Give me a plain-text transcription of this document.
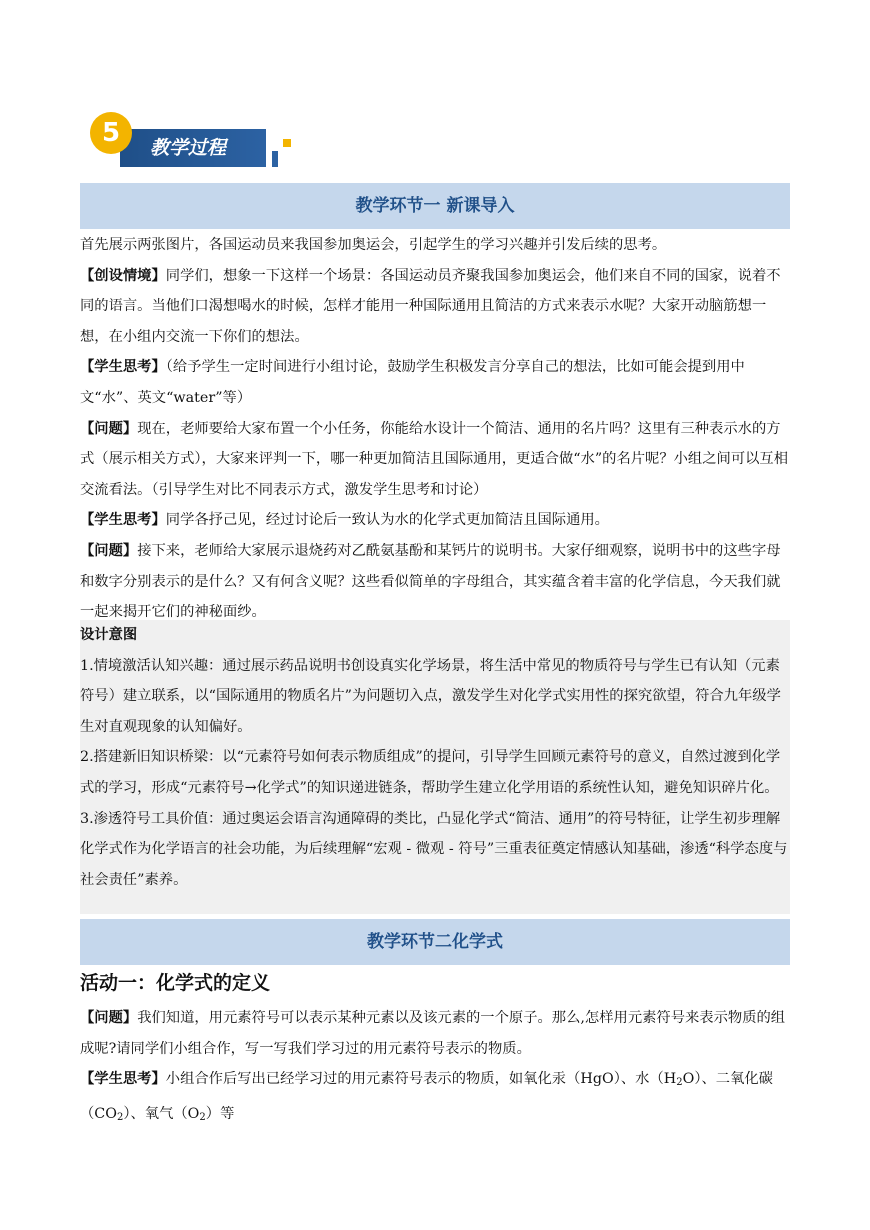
5	教学过程
教学环节一 新课导入

首先展示两张图片，各国运动员来我国参加奥运会，引起学生的学习兴趣并引发后续的思考。

【创设情境】同学们，想象一下这样一个场景：各国运动员齐聚我国参加奥运会，他们来自不同的国家，说着不同的语言。当他们口渴想喝水的时候，怎样才能用一种国际通用且简洁的方式来表示水呢？大家开动脑筋想一想，在小组内交流一下你们的想法。

【学生思考】（给予学生一定时间进行小组讨论，鼓励学生积极发言分享自己的想法，比如可能会提到用中文“水”、英文“water”等）

【问题】现在，老师要给大家布置一个小任务，你能给水设计一个简洁、通用的名片吗？这里有三种表示水的方式（展示相关方式），大家来评判一下，哪一种更加简洁且国际通用，更适合做“水”的名片呢？小组之间可以互相交流看法。（引导学生对比不同表示方式，激发学生思考和讨论）

【学生思考】同学各抒己见，经过讨论后一致认为水的化学式更加简洁且国际通用。

【问题】接下来，老师给大家展示退烧药对乙酰氨基酚和某钙片的说明书。大家仔细观察，说明书中的这些字母和数字分别表示的是什么？又有何含义呢？这些看似简单的字母组合，其实蕴含着丰富的化学信息，今天我们就一起来揭开它们的神秘面纱。

设计意图

1.情境激活认知兴趣：通过展示药品说明书创设真实化学场景，将生活中常见的物质符号与学生已有认知（元素符号）建立联系，以“国际通用的物质名片”为问题切入点，激发学生对化学式实用性的探究欲望，符合九年级学生对直观现象的认知偏好。

2.搭建新旧知识桥梁：以“元素符号如何表示物质组成”的提问，引导学生回顾元素符号的意义，自然过渡到化学式的学习，形成“元素符号→化学式”的知识递进链条，帮助学生建立化学用语的系统性认知，避免知识碎片化。

3.渗透符号工具价值：通过奥运会语言沟通障碍的类比，凸显化学式“简洁、通用”的符号特征，让学生初步理解化学式作为化学语言的社会功能，为后续理解“宏观 - 微观 - 符号”三重表征奠定情感认知基础，渗透“科学态度与社会责任”素养。

教学环节二化学式
活动一：化学式的定义

【问题】我们知道，用元素符号可以表示某种元素以及该元素的一个原子。那么,怎样用元素符号来表示物质的组成呢?请同学们小组合作，写一写我们学习过的用元素符号表示的物质。

【学生思考】小组合作后写出已经学习过的用元素符号表示的物质，如氧化汞（HgO）、水$(H_2O)$、二氧化碳$(CO_2)$、氧气$(O_2)$等
